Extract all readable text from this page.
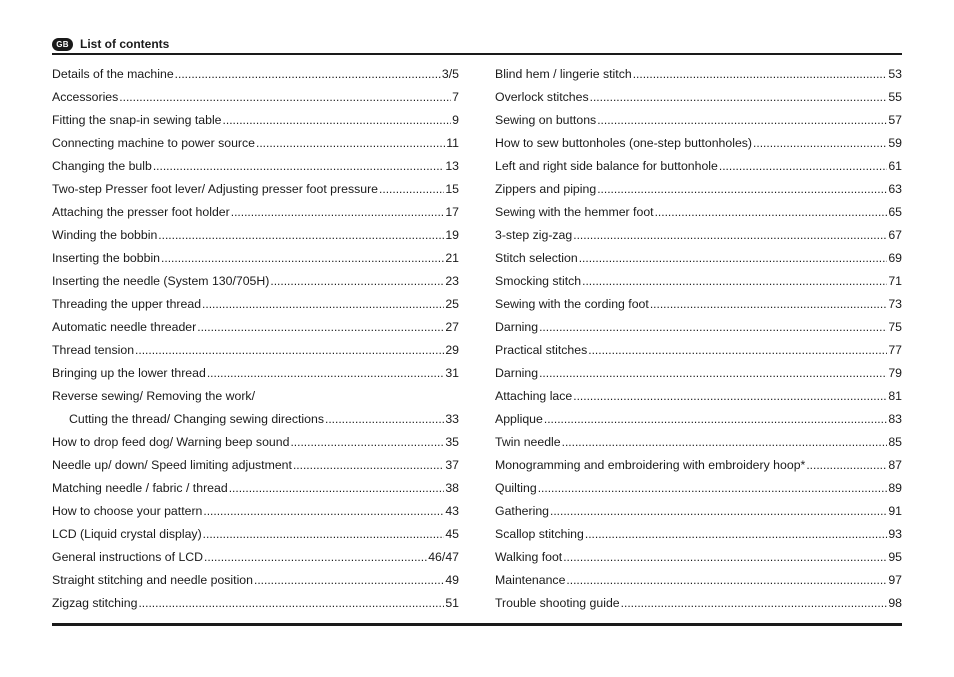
GB List of contents
Details of the machine .....	3/5
Accessories .....	7
Fitting the snap-in sewing table .....	9
Connecting machine to power source .....	11
Changing the bulb .....	13
Two-step Presser foot lever/ Adjusting presser foot pressure .....	15
Attaching the presser foot holder .....	17
Winding the bobbin .....	19
Inserting the bobbin .....	21
Inserting the needle (System 130/705H) .....	23
Threading the upper thread .....	25
Automatic needle threader .....	27
Thread tension .....	29
Bringing up the lower thread .....	31
Reverse sewing/ Removing the work/
Cutting the thread/ Changing sewing directions .....	33
How to drop feed dog/ Warning beep sound .....	35
Needle up/ down/ Speed limiting adjustment .....	37
Matching needle / fabric / thread .....	38
How to choose your pattern .....	43
LCD (Liquid crystal display) .....	45
General instructions of LCD .....	46/47
Straight stitching and needle position .....	49
Zigzag stitching .....	51
Blind hem / lingerie stitch .....	53
Overlock stitches .....	55
Sewing on buttons .....	57
How to sew buttonholes (one-step buttonholes) .....	59
Left and right side balance for buttonhole .....	61
Zippers and piping .....	63
Sewing with the hemmer foot .....	65
3-step zig-zag .....	67
Stitch selection .....	69
Smocking stitch .....	71
Sewing with the cording foot .....	73
Darning .....	75
Practical stitches .....	77
Darning .....	79
Attaching lace .....	81
Applique .....	83
Twin needle .....	85
Monogramming and embroidering with embroidery hoop* .....	87
Quilting .....	89
Gathering .....	91
Scallop stitching .....	93
Walking foot .....	95
Maintenance .....	97
Trouble shooting guide .....	98
